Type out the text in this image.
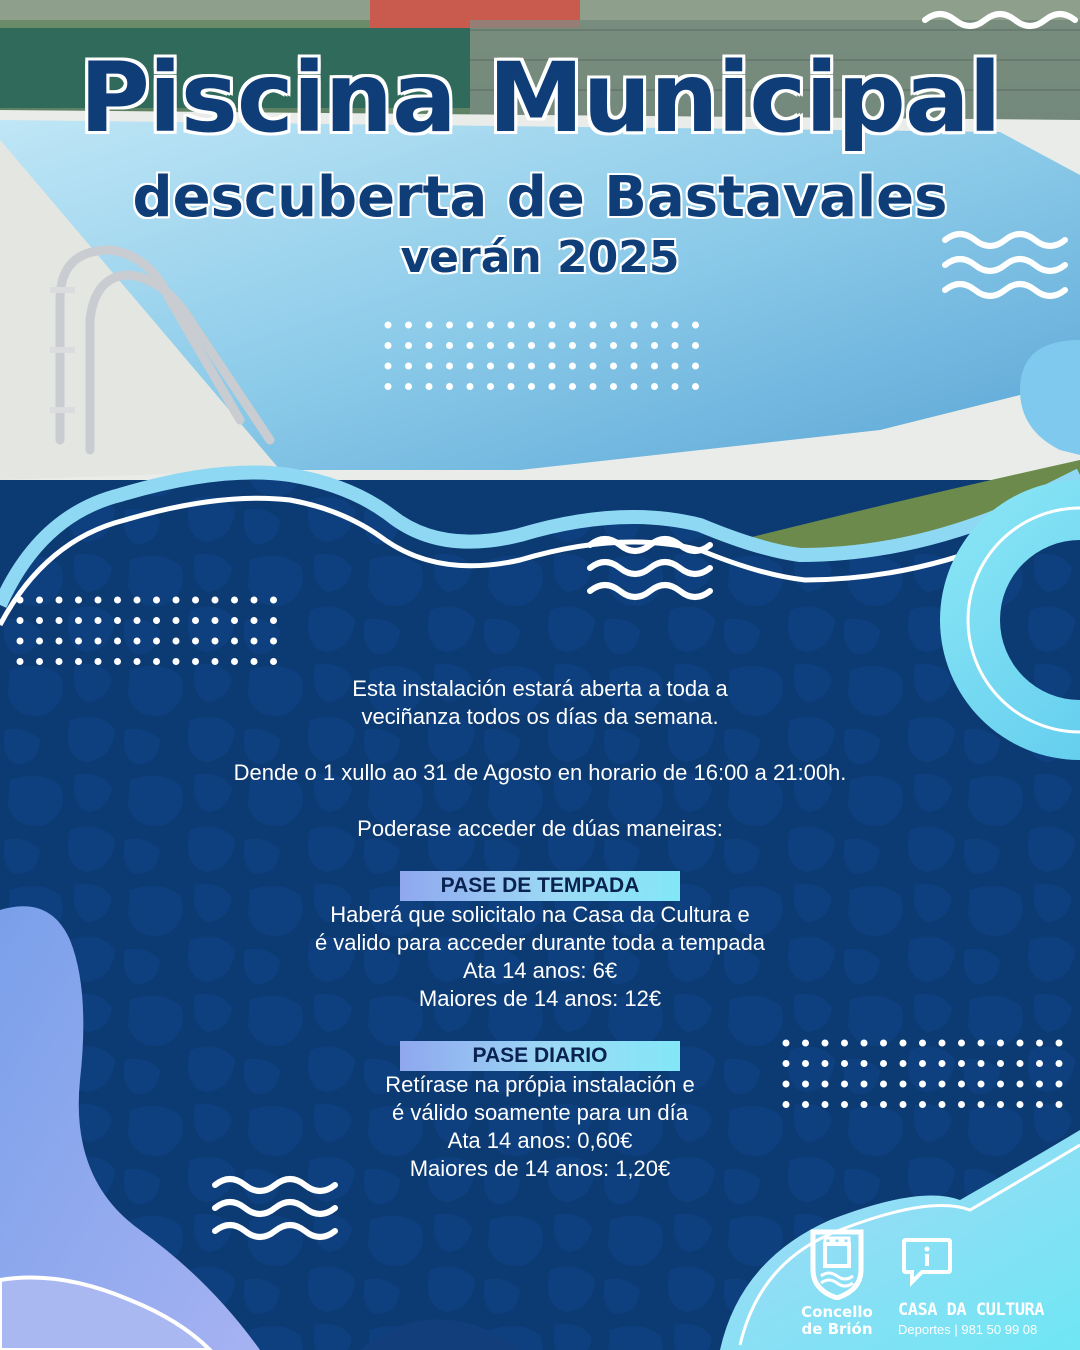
Piscina Municipal
descuberta de Bastavales
verán 2025

Esta instalación estará aberta a toda a
veciñanza todos os días da semana.

Dende o 1 xullo ao 31 de Agosto en horario de 16:00 a 21:00h.

Poderase acceder de dúas maneiras:

PASE DE TEMPADA
Haberá que solicitalo na Casa da Cultura e
é valido para acceder durante toda a tempada
Ata 14 anos: 6€
Maiores de 14 anos: 12€
PASE DIARIO
Retírase na própia instalación e
é válido soamente para un día
Ata 14 anos: 0,60€
Maiores de 14 anos: 1,20€
Concello
de Brión
CASA DA CULTURA
Deportes | 981 50 99 08
